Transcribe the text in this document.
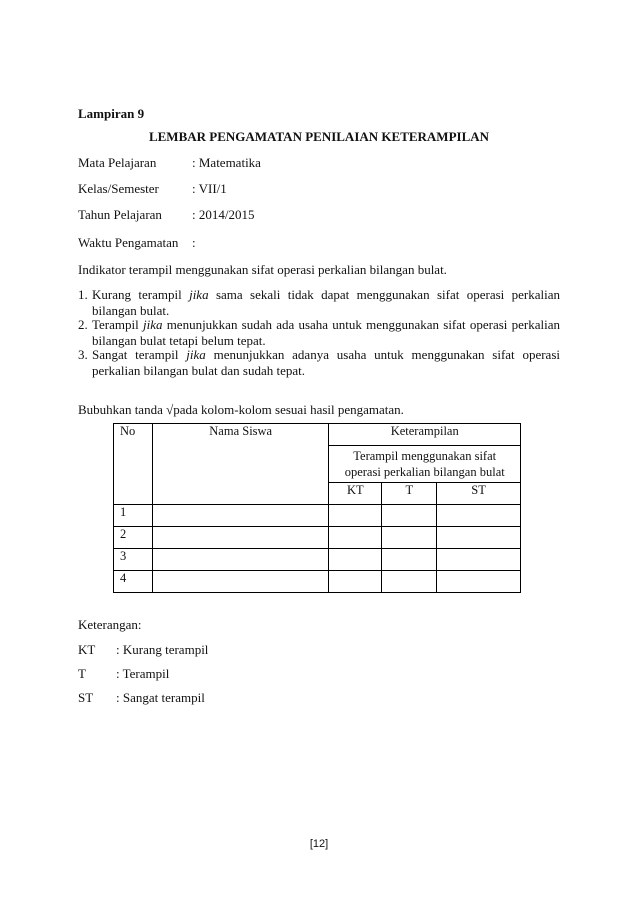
Lampiran 9
LEMBAR PENGAMATAN PENILAIAN KETERAMPILAN
Mata Pelajaran	: Matematika
Kelas/Semester	: VII/1
Tahun Pelajaran : 2014/2015
Waktu Pengamatan :
Indikator terampil menggunakan sifat operasi perkalian bilangan bulat.
1. Kurang terampil jika sama sekali tidak dapat menggunakan sifat operasi perkalian bilangan bulat.
2. Terampil jika menunjukkan sudah ada usaha untuk menggunakan sifat operasi perkalian bilangan bulat tetapi belum tepat.
3. Sangat terampil jika menunjukkan adanya usaha untuk menggunakan sifat operasi perkalian bilangan bulat dan sudah tepat.
Bubuhkan tanda √pada kolom-kolom sesuai hasil pengamatan.
No	Nama Siswa	Keterampilan		
		Terampil menggunakan sifat operasi perkalian bilangan bulat		
		KT	T	ST
1				
2				
3				
4				
Keterangan:
KT : Kurang terampil
T : Terampil
ST : Sangat terampil
[12]
